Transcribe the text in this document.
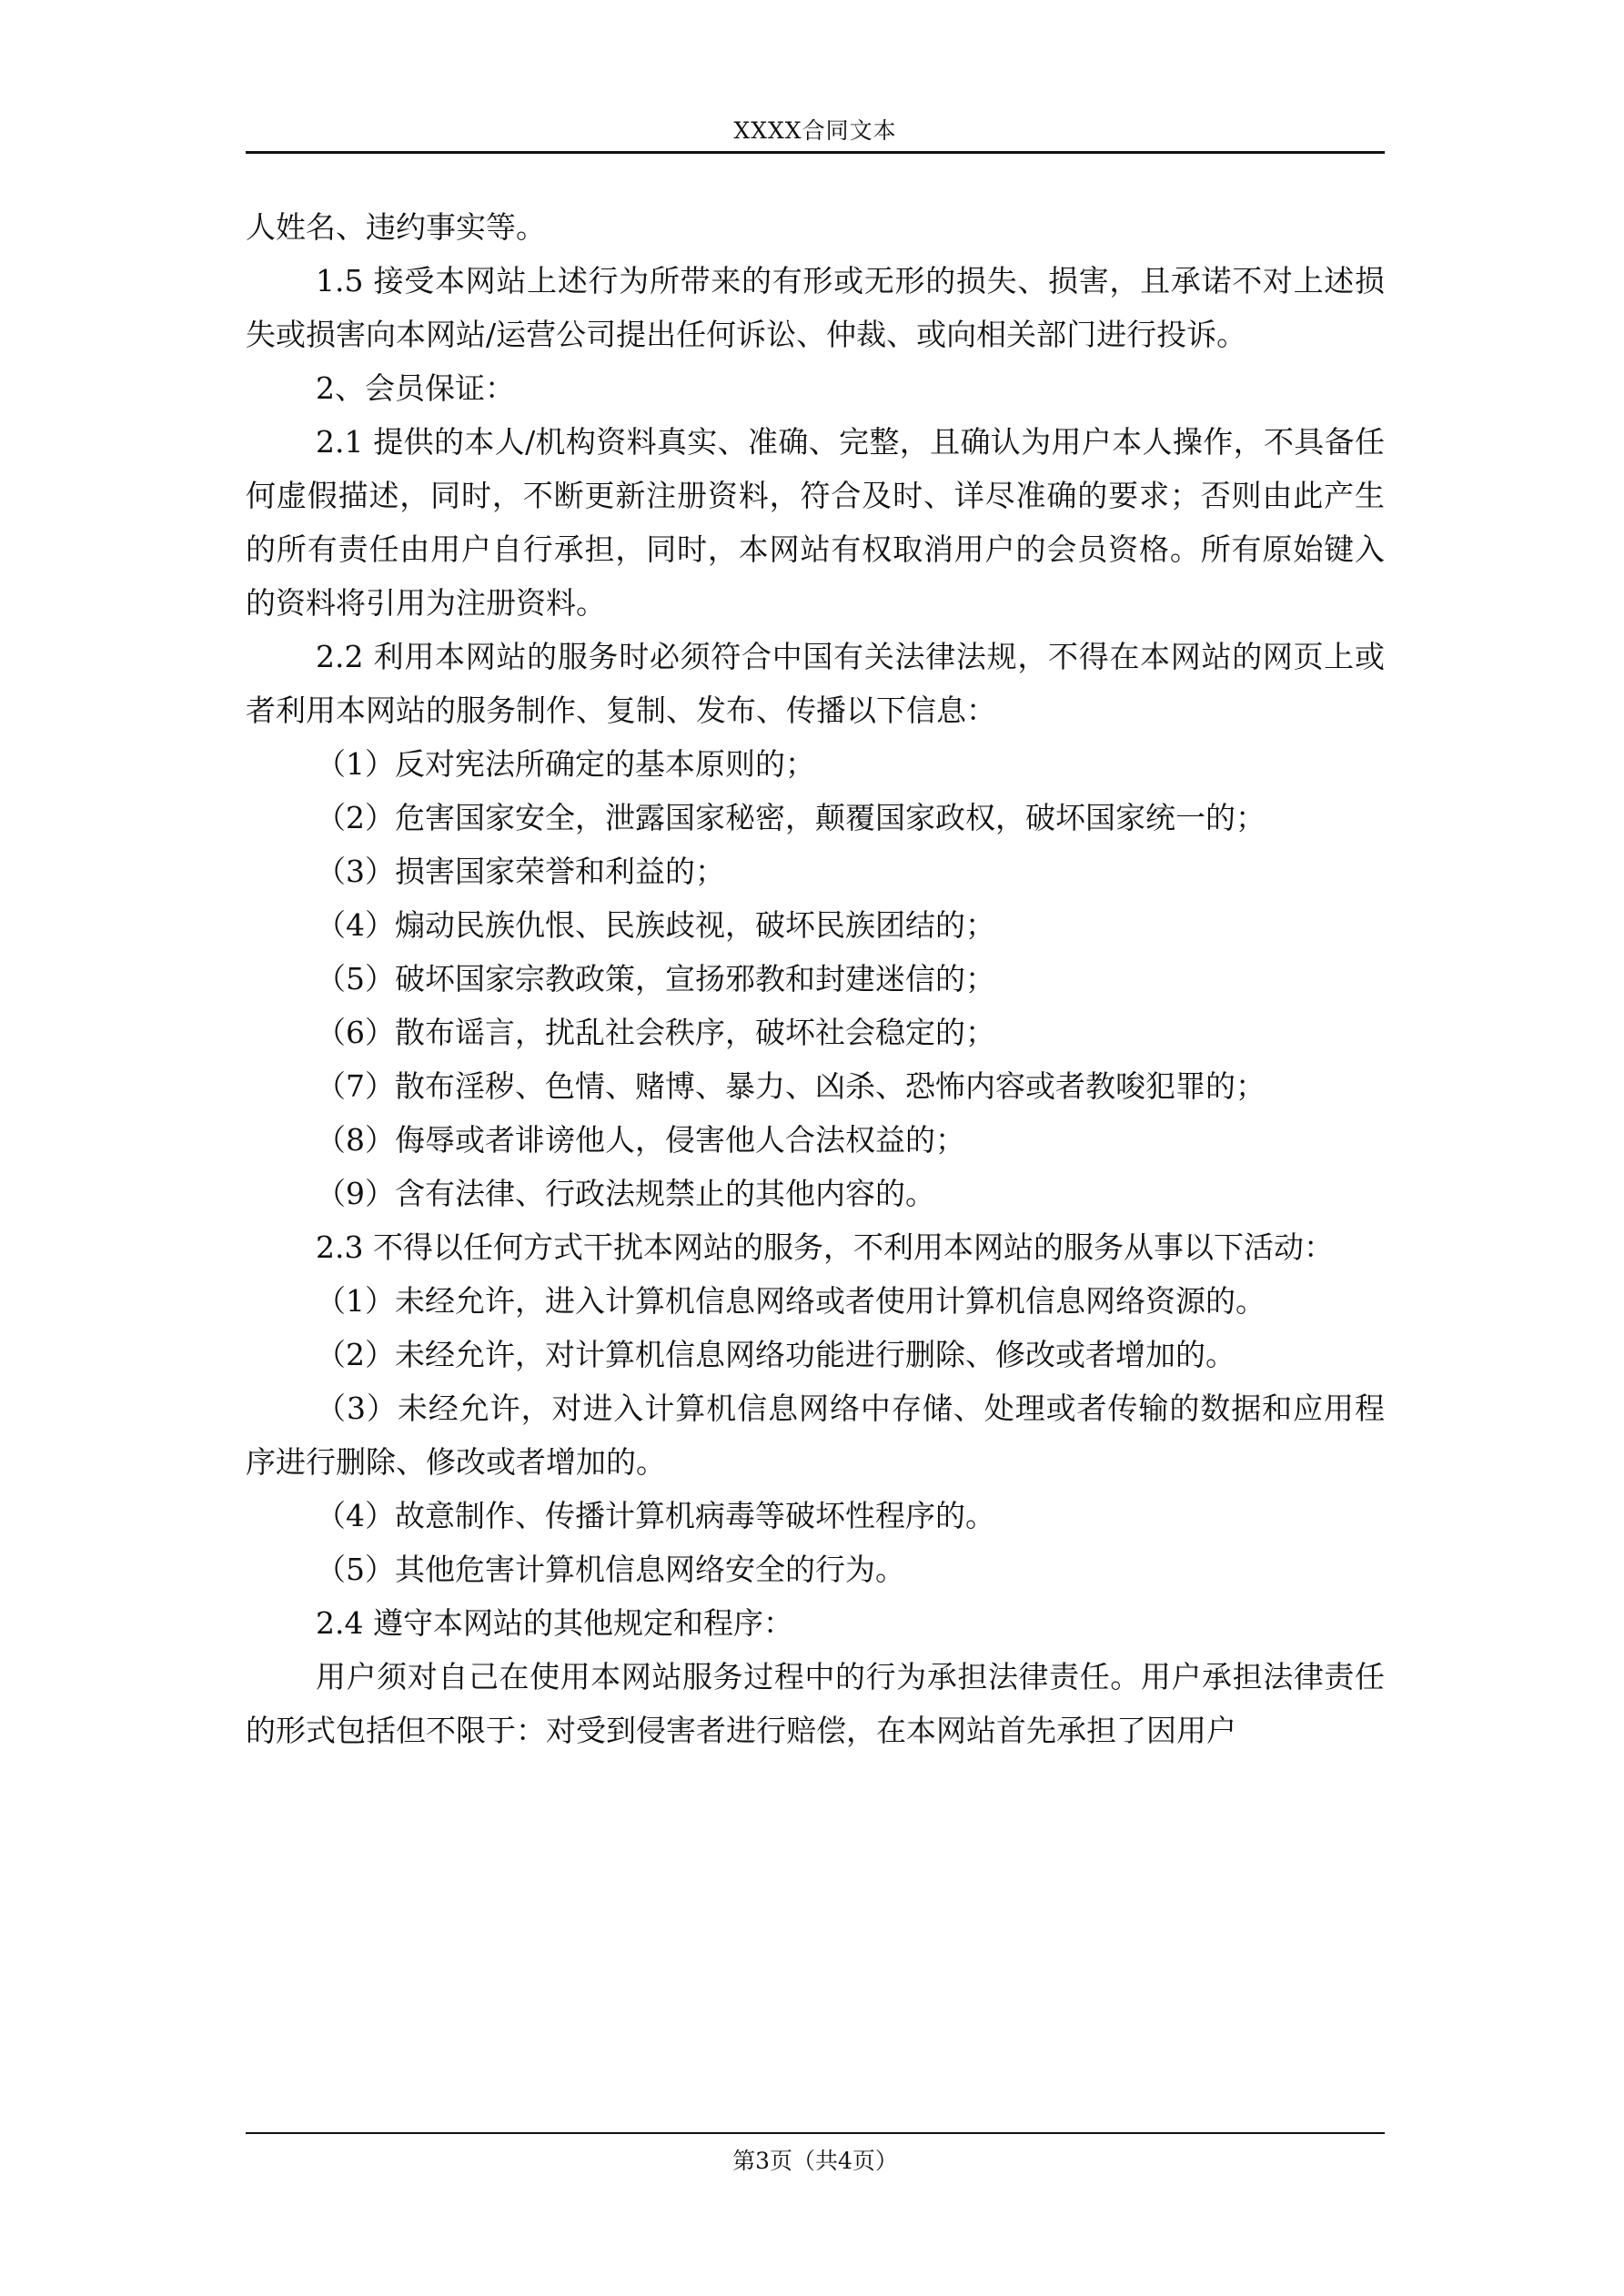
XXXX合同文本

人姓名、违约事实等。

1.5 接受本网站上述行为所带来的有形或无形的损失、损害，且承诺不对上述损失或损害向本网站/运营公司提出任何诉讼、仲裁、或向相关部门进行投诉。

2、会员保证：

2.1 提供的本人/机构资料真实、准确、完整，且确认为用户本人操作，不具备任何虚假描述，同时，不断更新注册资料，符合及时、详尽准确的要求；否则由此产生的所有责任由用户自行承担，同时，本网站有权取消用户的会员资格。所有原始键入的资料将引用为注册资料。

2.2 利用本网站的服务时必须符合中国有关法律法规，不得在本网站的网页上或者利用本网站的服务制作、复制、发布、传播以下信息：

（1）反对宪法所确定的基本原则的；

（2）危害国家安全，泄露国家秘密，颠覆国家政权，破坏国家统一的；

（3）损害国家荣誉和利益的；

（4）煽动民族仇恨、民族歧视，破坏民族团结的；

（5）破坏国家宗教政策，宣扬邪教和封建迷信的；

（6）散布谣言，扰乱社会秩序，破坏社会稳定的；

（7）散布淫秽、色情、赌博、暴力、凶杀、恐怖内容或者教唆犯罪的；

（8）侮辱或者诽谤他人，侵害他人合法权益的；

（9）含有法律、行政法规禁止的其他内容的。

2.3 不得以任何方式干扰本网站的服务，不利用本网站的服务从事以下活动：

（1）未经允许，进入计算机信息网络或者使用计算机信息网络资源的。

（2）未经允许，对计算机信息网络功能进行删除、修改或者增加的。

（3）未经允许，对进入计算机信息网络中存储、处理或者传输的数据和应用程序进行删除、修改或者增加的。

（4）故意制作、传播计算机病毒等破坏性程序的。

（5）其他危害计算机信息网络安全的行为。

2.4 遵守本网站的其他规定和程序：

用户须对自己在使用本网站服务过程中的行为承担法律责任。用户承担法律责任的形式包括但不限于：对受到侵害者进行赔偿，在本网站首先承担了因用户

第3页（共4页）
